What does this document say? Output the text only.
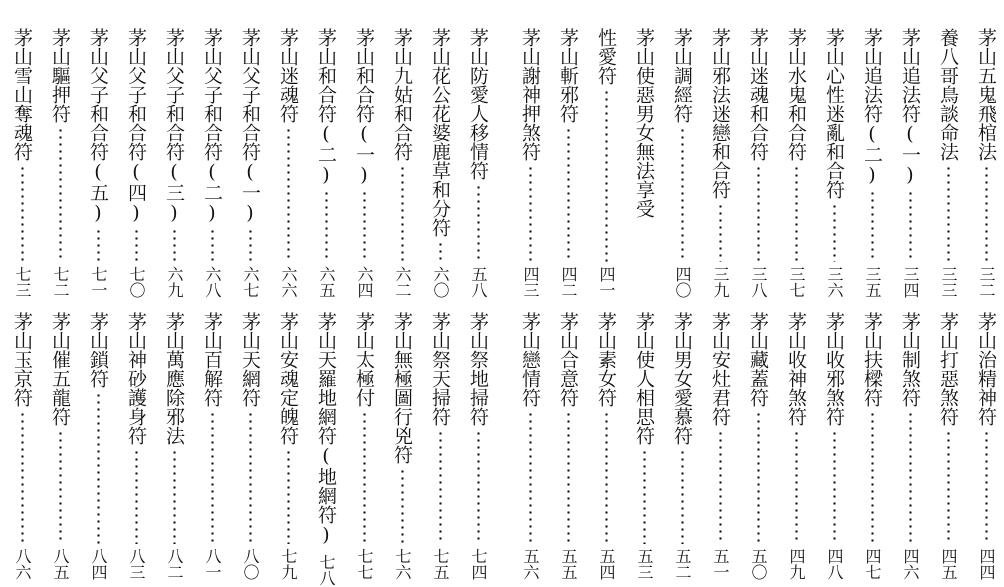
茅山五鬼飛棺法
三二
養八哥鳥談命法
三三
茅山追法符(一)
三四
茅山追法符(二)
三五
茅山心性迷亂和合符
三六
茅山水鬼和合符
三七
茅山迷魂和合符
三八
茅山邪法迷戀和合符
三九
茅山調經符
四〇
茅山使惡男女無法享受
性愛符
四一
茅山斬邪符
四二
茅山謝神押煞符
四三
茅山防愛人移情符
五八
茅山花公花婆鹿草和分符
六〇
茅山九姑和合符
六二
茅山和合符(一)
六四
茅山和合符(二)
六五
茅山迷魂符
六六
茅山父子和合符(一)
六七
茅山父子和合符(二)
六八
茅山父子和合符(三)
六九
茅山父子和合符(四)
七〇
茅山父子和合符(五)
七一
茅山驅押符
七二
茅山雪山奪魂符
七三
茅山治精神符
四四
茅山打惡煞符
四五
茅山制煞符
四六
茅山扶樑符
四七
茅山收邪煞符
四八
茅山收神煞符
四九
茅山藏蓋符
五〇
茅山安灶君符
五一
茅山男女愛慕符
五二
茅山使人相思符
五三
茅山素女符
五四
茅山合意符
五五
茅山戀情符
五六
茅山祭地掃符
七四
茅山祭天掃符
七五
茅山無極圖行兇符
七六
茅山太極付
七七
茅山天羅地網符(地網符)
七八
茅山安魂定魄符
七九
茅山天網符
八〇
茅山百解符
八一
茅山萬應除邪法
八二
茅山神砂護身符
八三
茅山鎖符
八四
茅山催五龍符
八五
茅山玉京符
八六
